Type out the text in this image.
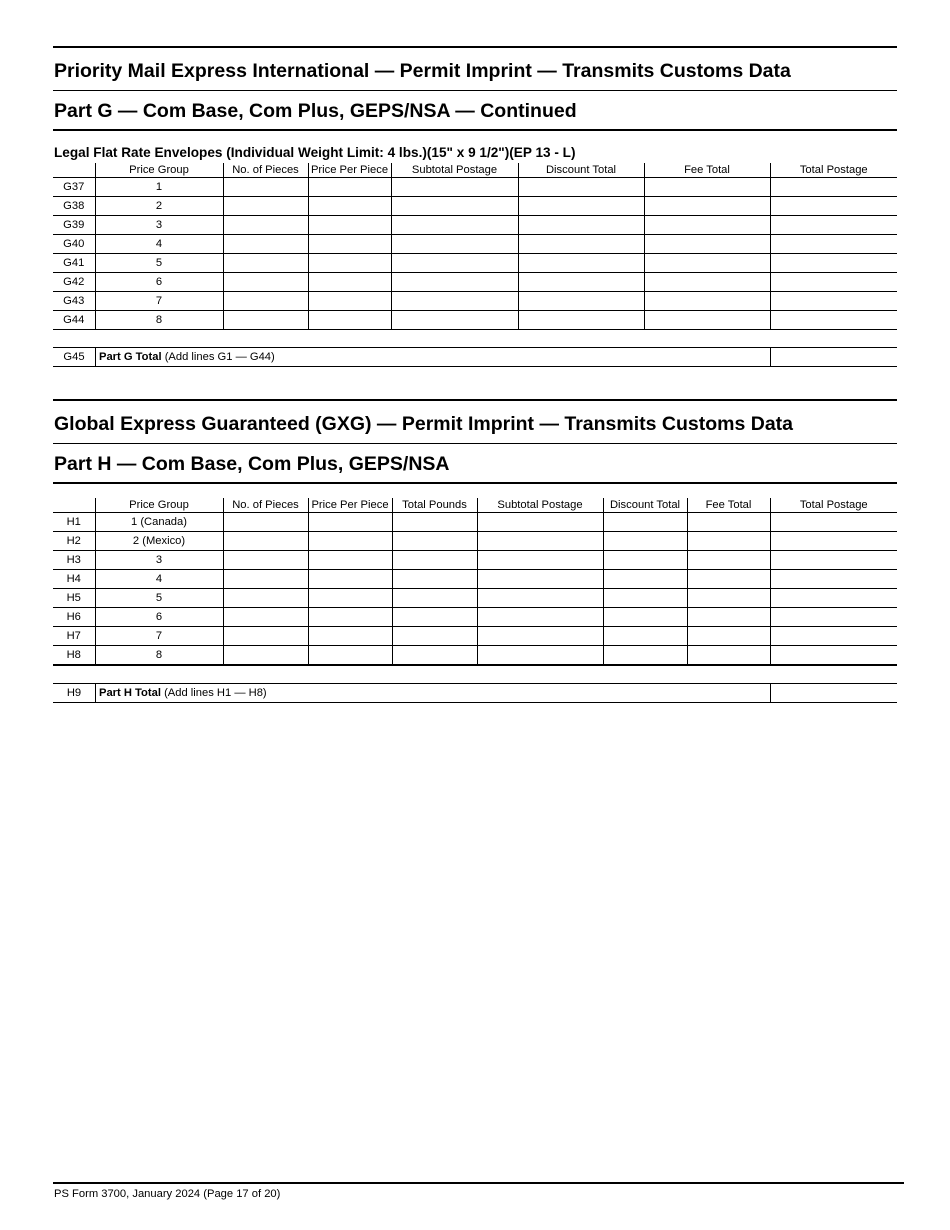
Priority Mail Express International — Permit Imprint — Transmits Customs Data
Part G — Com Base, Com Plus, GEPS/NSA — Continued
Legal Flat Rate Envelopes (Individual Weight Limit: 4 lbs.)(15" x 9 1/2")(EP 13 - L)
	Price Group	No. of Pieces	Price Per Piece	Subtotal Postage	Discount Total	Fee Total	Total Postage
G37	1						
G38	2						
G39	3						
G40	4						
G41	5						
G42	6						
G43	7						
G44	8						
G45	Part G Total (Add lines G1 — G44)
Global Express Guaranteed (GXG) — Permit Imprint — Transmits Customs Data
Part H — Com Base, Com Plus, GEPS/NSA
	Price Group	No. of Pieces	Price Per Piece	Total Pounds	Subtotal Postage	Discount Total	Fee Total	Total Postage
H1	1 (Canada)							
H2	2 (Mexico)							
H3	3							
H4	4							
H5	5							
H6	6							
H7	7							
H8	8							
H9	Part H Total (Add lines H1 — H8)
PS Form 3700, January 2024 (Page 17 of 20)
